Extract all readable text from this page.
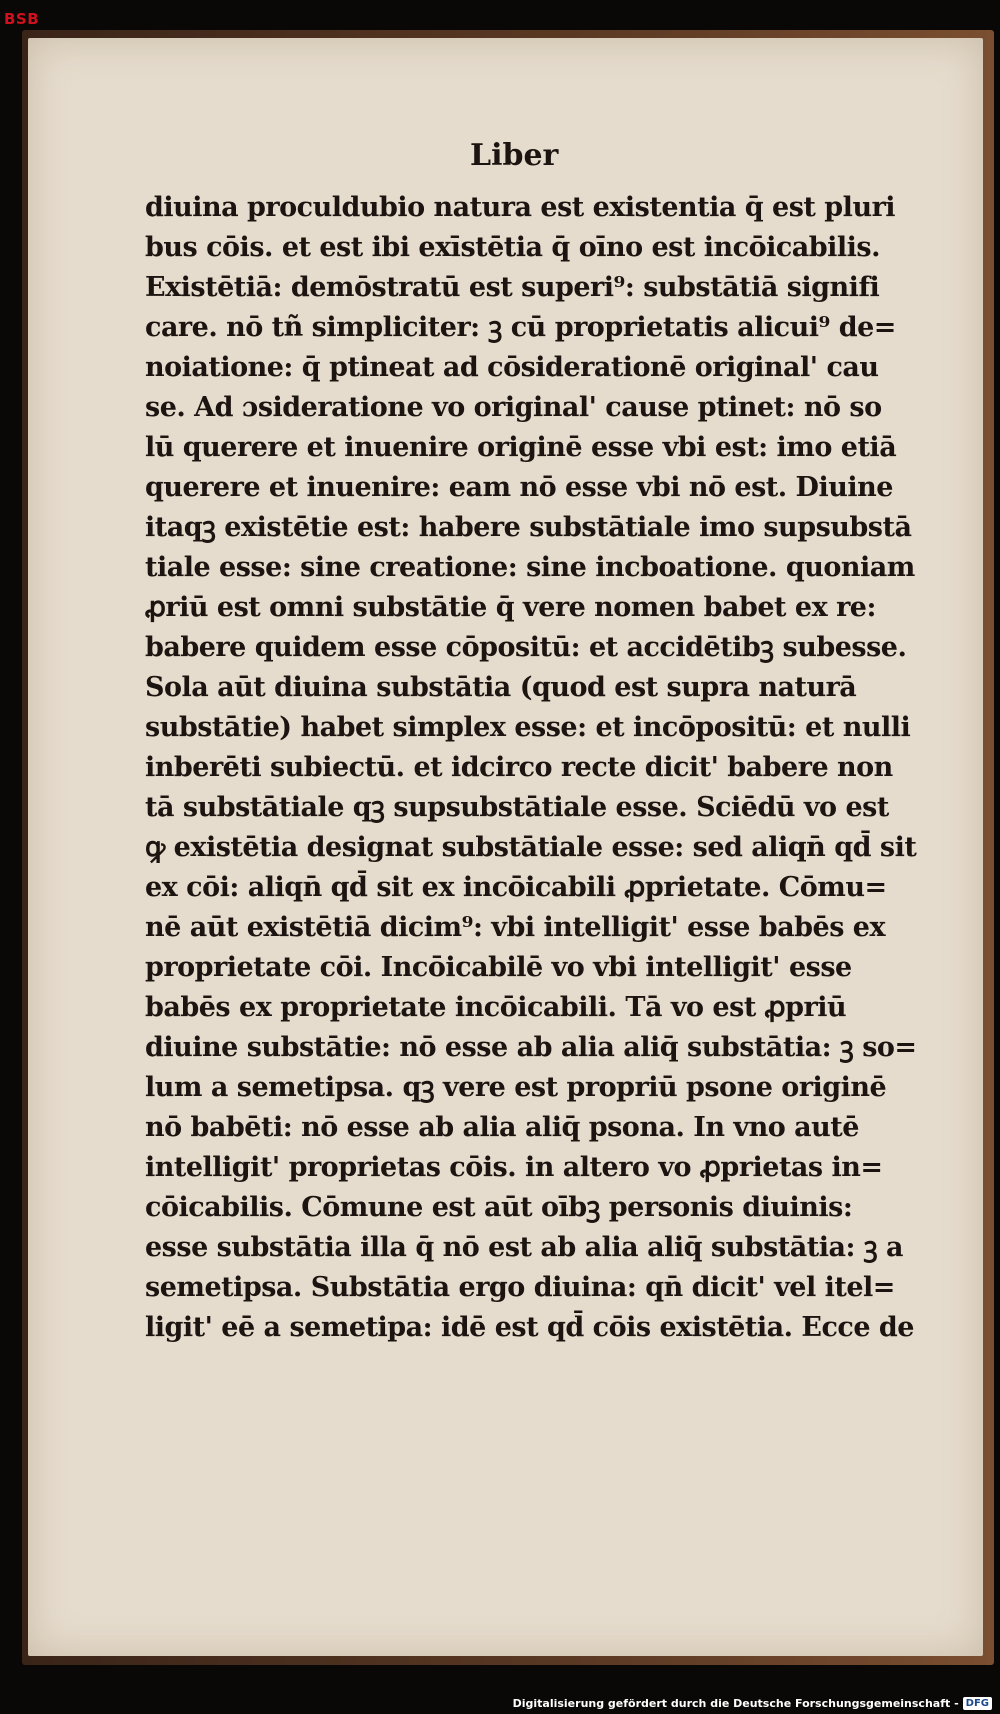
BSB
Liber
diuina proculdubio natura est existentia q̄ est pluri
bus cōis. et est ibi exīstētia q̄ oīno est incōicabilis.
Existētiā: demōstratū est superi⁹: substātiā signifi
care. nō tñ simpliciter: ꝫ cū proprietatis alicui⁹ de=
noiatione: q̄ ptineat ad cōsiderationē original' cau
se. Ad ɔsideratione vo original' cause ptinet: nō so
lū querere et inuenire originē esse vbi est: imo etiā
querere et inuenire: eam nō esse vbi nō est. Diuine
itaqꝫ existētie est: habere substātiale imo supsubstā
tiale esse: sine creatione: sine incboatione. quoniam
ꝓriū est omni substātie q̄ vere nomen babet ex re:
babere quidem esse cōpositū: et accidētibꝫ subesse.
Sola aūt diuina substātia (quod est supra naturā
substātie) habet simplex esse: et incōpositū: et nulli
inberēti subiectū. et idcirco recte dicit' babere non
tā substātiale qꝫ supsubstātiale esse. Sciēdū vo est
ꝙ existētia designat substātiale esse: sed aliqn̄ qd̄ sit
ex cōi: aliqn̄ qd̄ sit ex incōicabili ꝓprietate. Cōmu=
nē aūt existētiā dicim⁹: vbi intelligit' esse babēs ex
proprietate cōi. Incōicabilē vo vbi intelligit' esse
babēs ex proprietate incōicabili. Tā vo est ꝓpriū
diuine substātie: nō esse ab alia aliq̄ substātia: ꝫ so=
lum a semetipsa. qꝫ vere est propriū psone originē
nō babēti: nō esse ab alia aliq̄ psona. In vno autē
intelligit' proprietas cōis. in altero vo ꝓprietas in=
cōicabilis. Cōmune est aūt oībꝫ personis diuinis:
esse substātia illa q̄ nō est ab alia aliq̄ substātia: ꝫ a
semetipsa. Substātia ergo diuina: qn̄ dicit' vel itel=
ligit' eē a semetipa: idē est qd̄ cōis existētia. Ecce de
Digitalisierung gefördert durch die Deutsche Forschungsgemeinschaft - DFG
